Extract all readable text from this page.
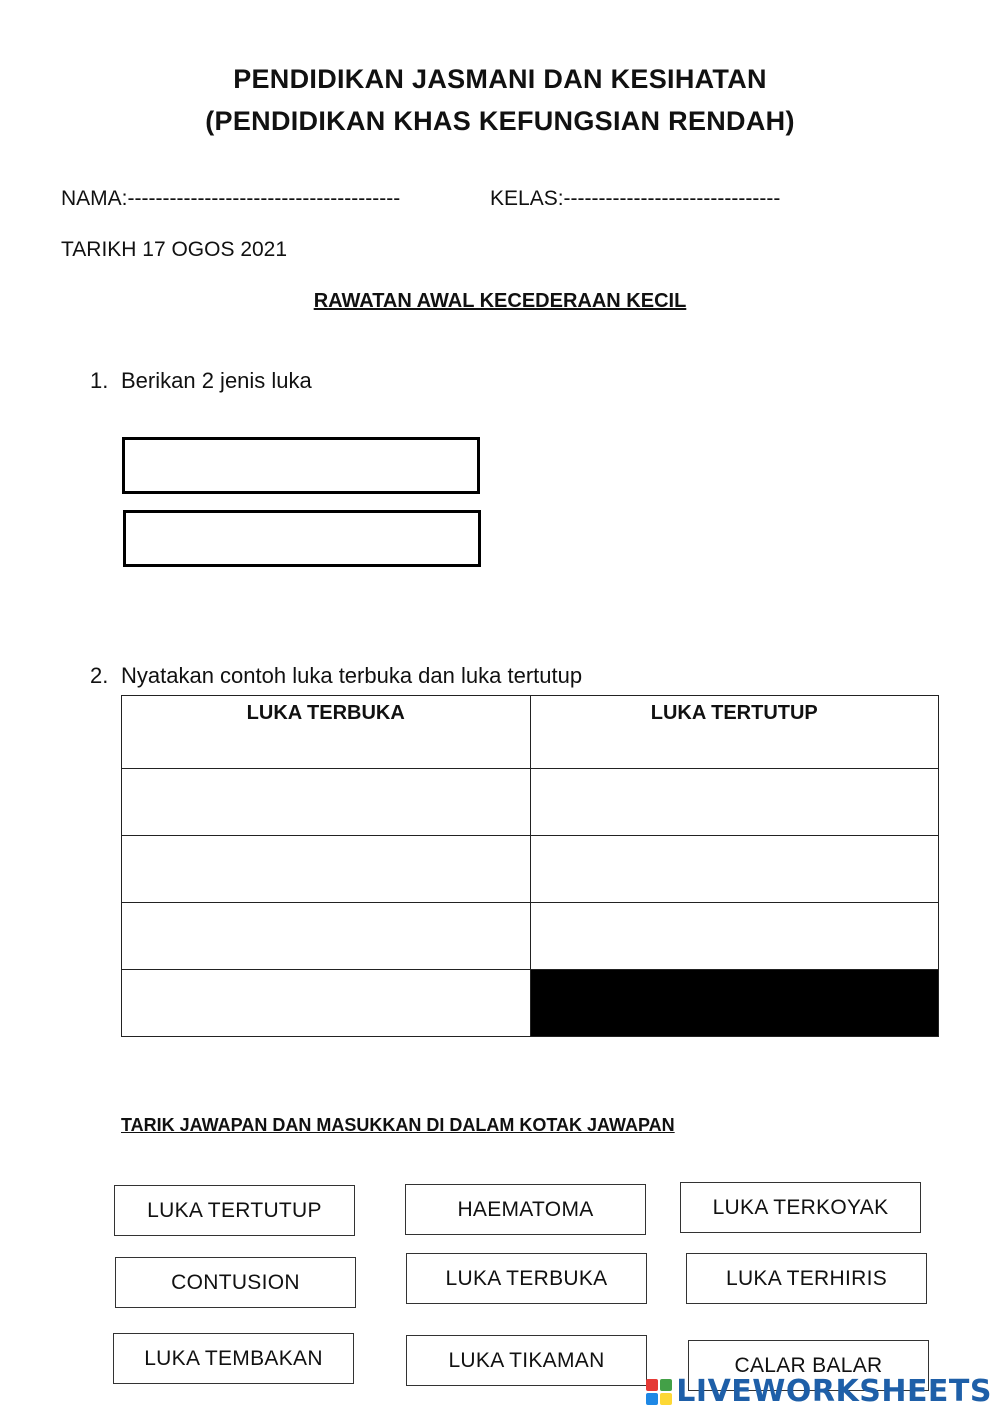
PENDIDIKAN JASMANI DAN KESIHATAN
(PENDIDIKAN KHAS KEFUNGSIAN RENDAH)
NAMA:---------------------------------------	KELAS:-------------------------------
TARIKH 17 OGOS 2021
RAWATAN AWAL KECEDERAAN KECIL
1. Berikan 2 jenis luka
2. Nyatakan contoh luka terbuka dan luka tertutup
LUKA TERBUKA	LUKA TERTUTUP

TARIK JAWAPAN DAN MASUKKAN DI DALAM KOTAK JAWAPAN
LUKA TERTUTUP	HAEMATOMA	LUKA TERKOYAK
CONTUSION	LUKA TERBUKA	LUKA TERHIRIS
LUKA TEMBAKAN	LUKA TIKAMAN	CALAR BALAR
LIVEWORKSHEETS
